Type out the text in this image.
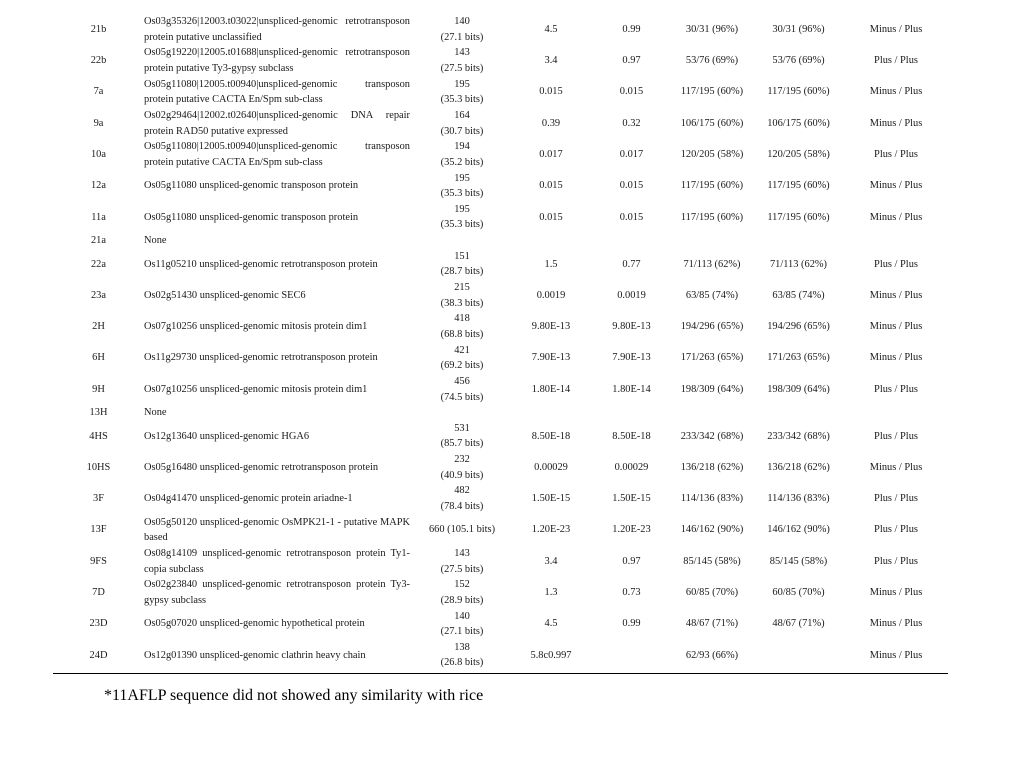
21b	Os03g35326|12003.t03022|unspliced-genomic retrotransposon protein putative unclassified	140
(27.1 bits)	4.5	0.99	30/31 (96%)	30/31 (96%)	Minus / Plus
22b	Os05g19220|12005.t01688|unspliced-genomic retrotransposon protein putative Ty3-gypsy subclass	143
(27.5 bits)	3.4	0.97	53/76 (69%)	53/76 (69%)	Plus / Plus
7a	Os05g11080|12005.t00940|unspliced-genomic transposon protein putative CACTA En/Spm sub-class	195
(35.3 bits)	0.015	0.015	117/195 (60%)	117/195 (60%)	Minus / Plus
9a	Os02g29464|12002.t02640|unspliced-genomic DNA repair protein RAD50 putative expressed	164
(30.7 bits)	0.39	0.32	106/175 (60%)	106/175 (60%)	Minus / Plus
10a	Os05g11080|12005.t00940|unspliced-genomic transposon protein putative CACTA En/Spm sub-class	194
(35.2 bits)	0.017	0.017	120/205 (58%)	120/205 (58%)	Plus / Plus
12a	Os05g11080 unspliced-genomic transposon protein	195
(35.3 bits)	0.015	0.015	117/195 (60%)	117/195 (60%)	Minus / Plus
11a	Os05g11080 unspliced-genomic transposon protein	195
(35.3 bits)	0.015	0.015	117/195 (60%)	117/195 (60%)	Minus / Plus
21a	None	

22a	Os11g05210 unspliced-genomic retrotransposon protein	151
(28.7 bits)	1.5	0.77	71/113 (62%)	71/113 (62%)	Plus / Plus
23a	Os02g51430 unspliced-genomic SEC6	215
(38.3 bits)	0.0019	0.0019	63/85 (74%)	63/85 (74%)	Minus / Plus
2H	Os07g10256 unspliced-genomic mitosis protein dim1	418
(68.8 bits)	9.80E-13	9.80E-13	194/296 (65%)	194/296 (65%)	Minus / Plus
6H	Os11g29730 unspliced-genomic retrotransposon protein	421
(69.2 bits)	7.90E-13	7.90E-13	171/263 (65%)	171/263 (65%)	Minus / Plus
9H	Os07g10256 unspliced-genomic mitosis protein dim1	456
(74.5 bits)	1.80E-14	1.80E-14	198/309 (64%)	198/309 (64%)	Plus / Plus
13H	None	

4HS	Os12g13640 unspliced-genomic HGA6	531
(85.7 bits)	8.50E-18	8.50E-18	233/342 (68%)	233/342 (68%)	Plus / Plus
10HS	Os05g16480 unspliced-genomic retrotransposon protein	232
(40.9 bits)	0.00029	0.00029	136/218 (62%)	136/218 (62%)	Minus / Plus
3F	Os04g41470 unspliced-genomic protein ariadne-1	482
(78.4 bits)	1.50E-15	1.50E-15	114/136 (83%)	114/136 (83%)	Plus / Plus
13F	Os05g50120 unspliced-genomic OsMPK21-1 - putative MAPK based	660 (105.1 bits)	1.20E-23	1.20E-23	146/162 (90%)	146/162 (90%)	Plus / Plus
9FS	Os08g14109 unspliced-genomic retrotransposon protein Ty1-copia subclass	143
(27.5 bits)	3.4	0.97	85/145 (58%)	85/145 (58%)	Plus / Plus
7D	Os02g23840 unspliced-genomic retrotransposon protein Ty3-gypsy subclass	152
(28.9 bits)	1.3	0.73	60/85 (70%)	60/85 (70%)	Minus / Plus
23D	Os05g07020 unspliced-genomic hypothetical protein	140
(27.1 bits)	4.5	0.99	48/67 (71%)	48/67 (71%)	Minus / Plus
24D	Os12g01390 unspliced-genomic clathrin heavy chain	138
(26.8 bits)	5.8c0.997		62/93 (66%)		Minus / Plus
*11AFLP sequence did not showed any similarity with rice
